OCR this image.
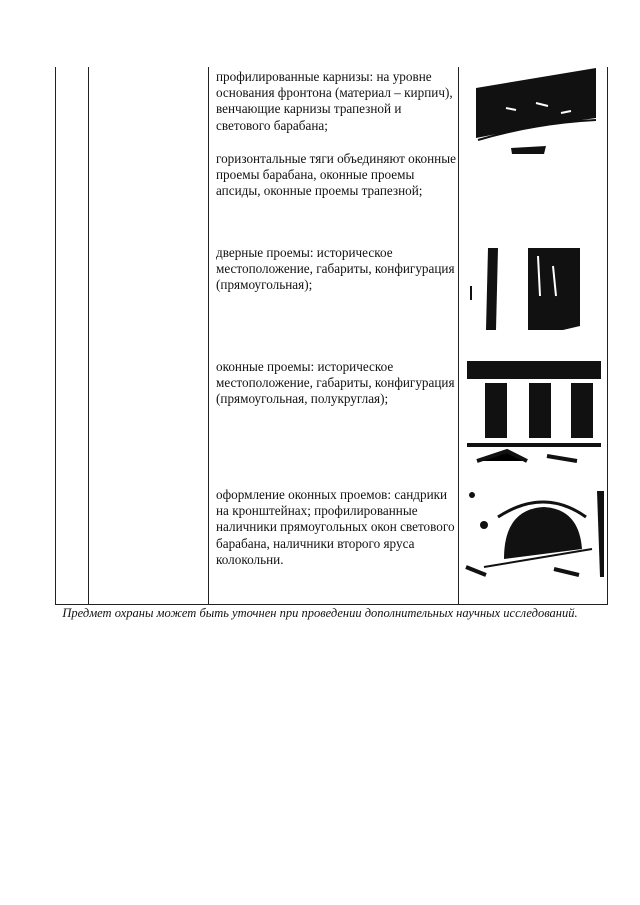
профилированные карнизы: на уровне основания фронтона (материал – кирпич), венчающие карнизы трапезной и светового барабана;
горизонтальные тяги объединяют оконные проемы барабана, оконные проемы апсиды, оконные проемы трапезной;
дверные проемы: историческое местоположение, габариты, конфигурация (прямоугольная);
оконные проемы: историческое местоположение, габариты, конфигурация (прямоугольная, полукруглая);
оформление оконных проемов: сандрики на кронштейнах; профилированные наличники прямоугольных окон светового барабана, наличники второго яруса колокольни.
Предмет охраны может быть уточнен при проведении дополнительных научных исследований.
